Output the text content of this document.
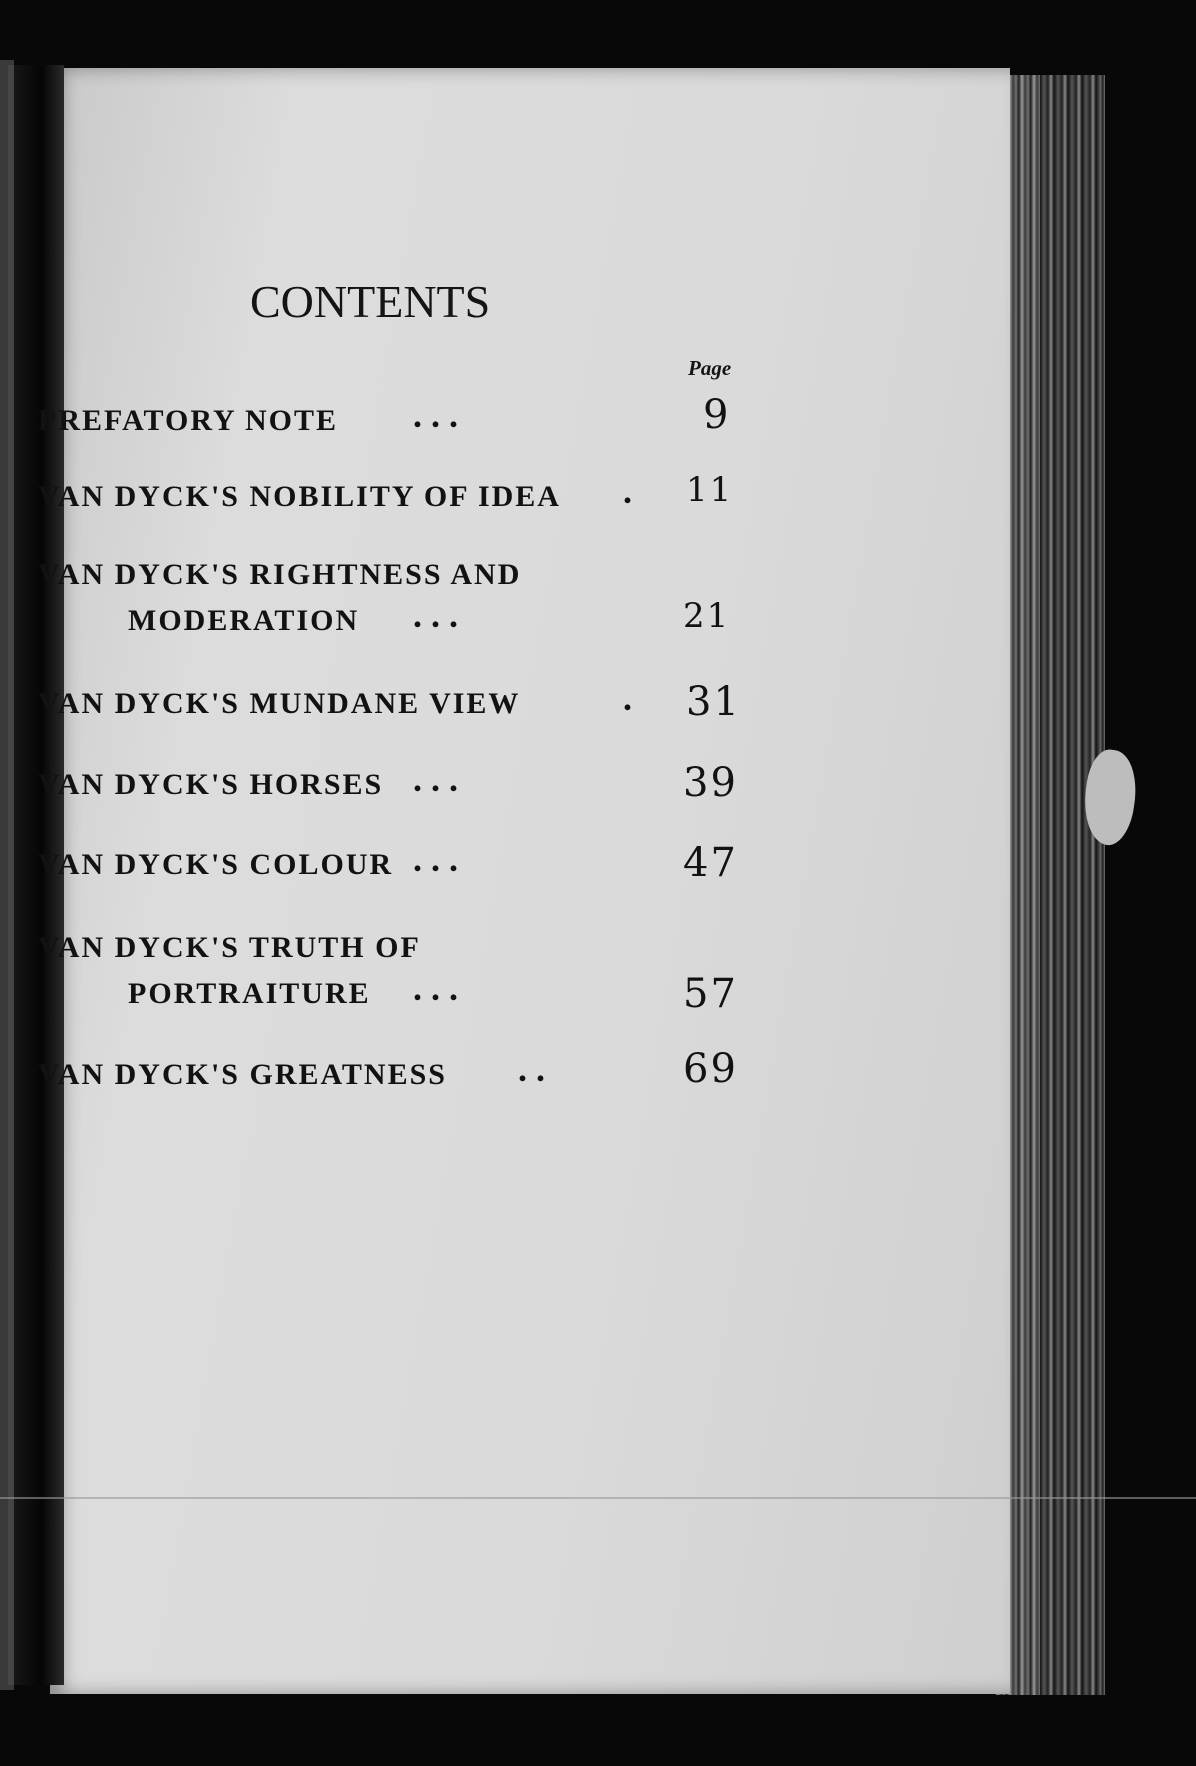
CONTENTS
Page
PREFATORY NOTE	. . .	9
VAN DYCK'S NOBILITY OF IDEA	. 11
VAN DYCK'S RIGHTNESS AND
MODERATION	. . .	21
VAN DYCK'S MUNDANE VIEW	. 31
VAN DYCK'S HORSES . . .	39
VAN DYCK'S COLOUR . . .	47
VAN DYCK'S TRUTH OF
PORTRAITURE	. . .	57
VAN DYCK'S GREATNESS	. .	69
